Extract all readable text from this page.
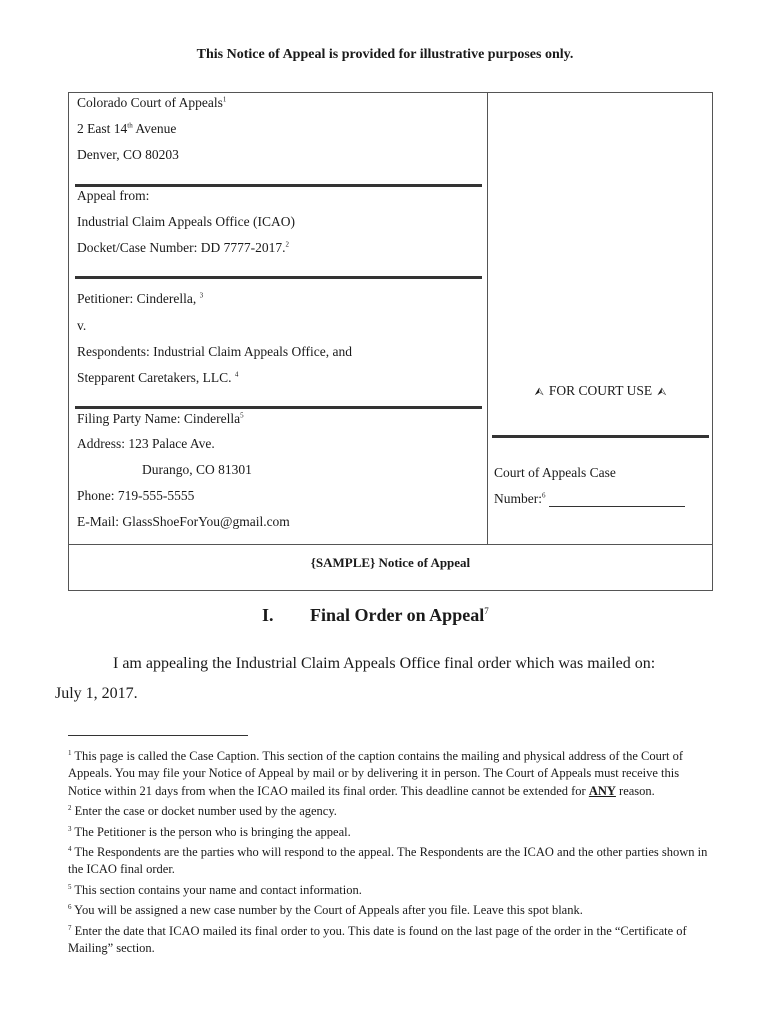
This Notice of Appeal is provided for illustrative purposes only.
Colorado Court of Appeals$^1$
2 East 14th Avenue
Denver, CO 80203
Appeal from:
Industrial Claim Appeals Office (ICAO)
Docket/Case Number: DD 7777-2017.$^2$
Petitioner: Cinderella, $^3$
v.
Respondents: Industrial Claim Appeals Office, and
Stepparent Caretakers, LLC. $^4$
Filing Party Name: Cinderella$^5$
Address: 123 Palace Ave.
Durango, CO 81301
Phone: 719-555-5555
E-Mail: GlassShoeForYou@gmail.com
⮙ FOR COURT USE ⮙
Court of Appeals Case
Number:$^6$
{SAMPLE} Notice of Appeal
I. Final Order on Appeal$^7$
I am appealing the Industrial Claim Appeals Office final order which was mailed on:
July 1, 2017.

$^1$ This page is called the Case Caption. This section of the caption contains the mailing and physical address of the Court of Appeals. You may file your Notice of Appeal by mail or by delivering it in person. The Court of Appeals must receive this Notice within 21 days from when the ICAO mailed its final order. This deadline cannot be extended for ANY reason.

$^2$ Enter the case or docket number used by the agency.

$^3$ The Petitioner is the person who is bringing the appeal.

$^4$ The Respondents are the parties who will respond to the appeal. The Respondents are the ICAO and the other parties shown in the ICAO final order.

$^5$ This section contains your name and contact information.

$^6$ You will be assigned a new case number by the Court of Appeals after you file. Leave this spot blank.

$^7$ Enter the date that ICAO mailed its final order to you. This date is found on the last page of the order in the “Certificate of Mailing” section.
